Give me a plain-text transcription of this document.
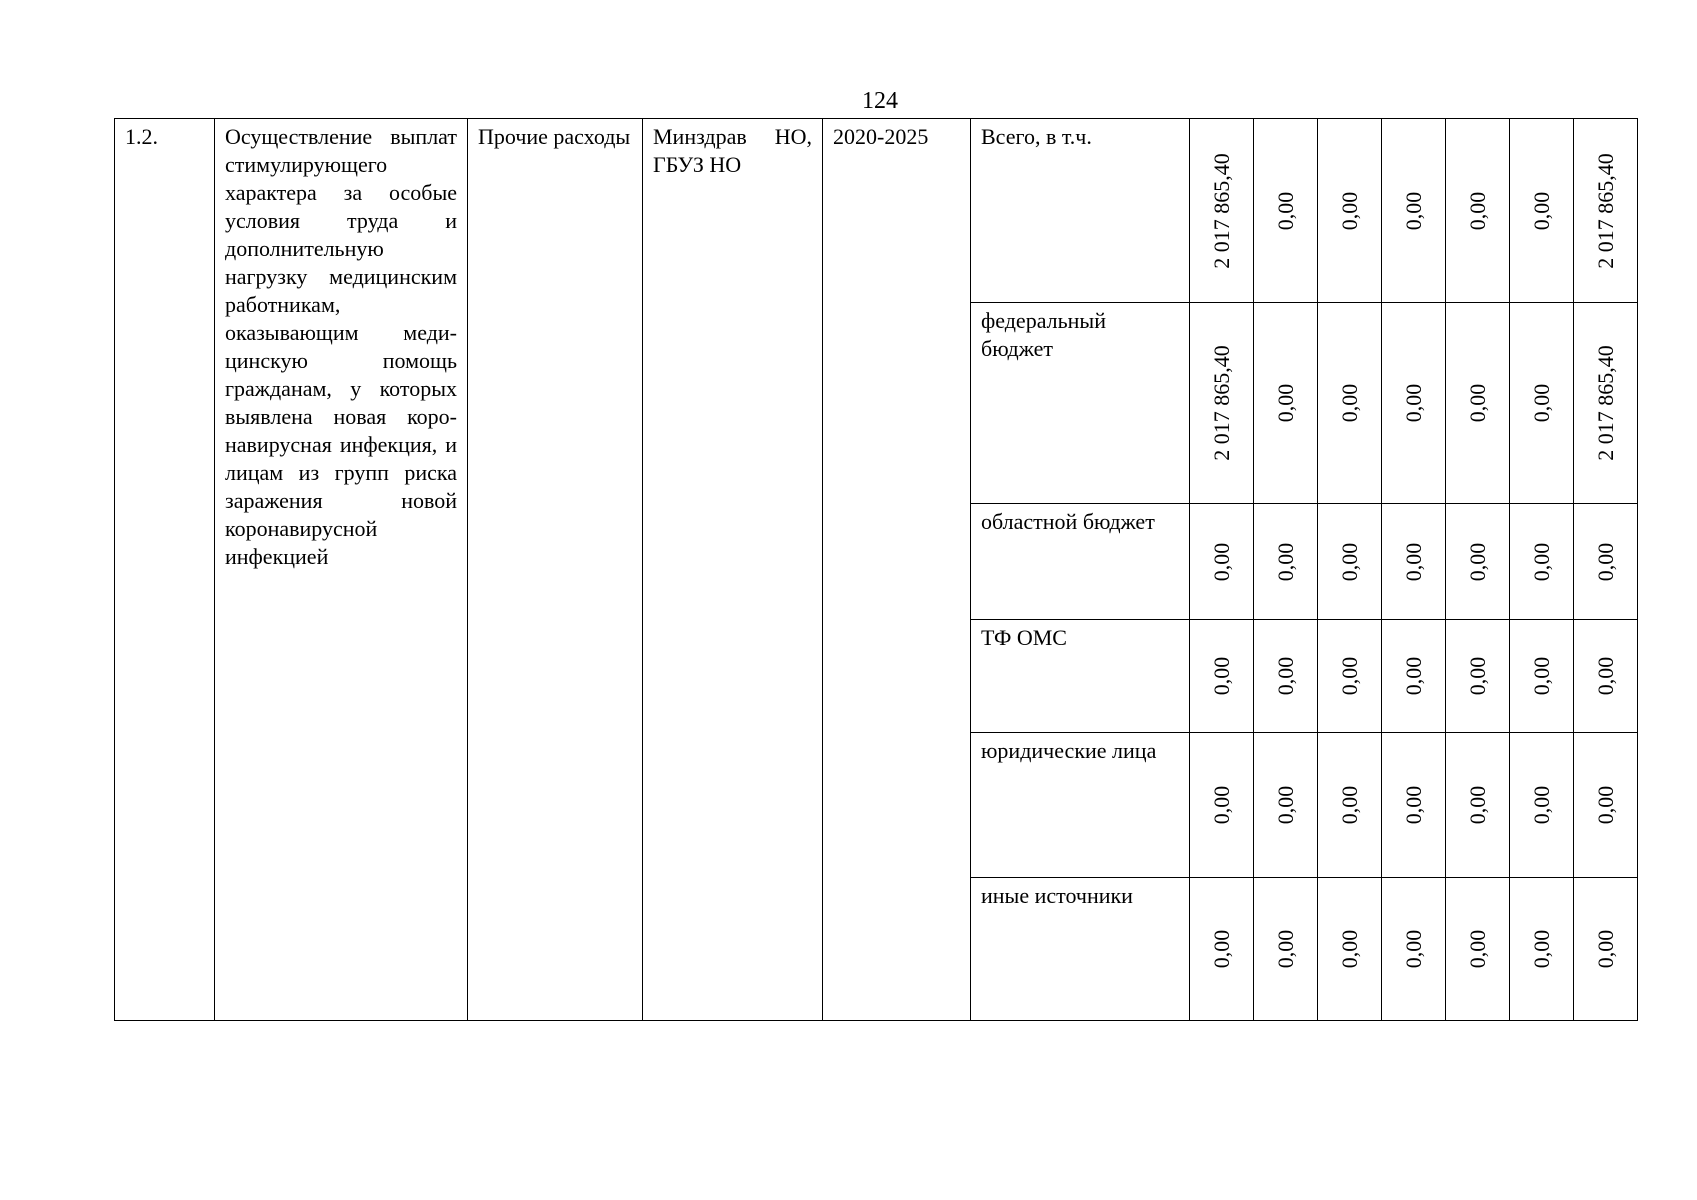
124
1.2.	Осуществление выплат стимулирующего характера за особые условия труда и дополнительную нагрузку медицинским работникам, оказывающим медицинскую помощь гражданам, у которых выявлена новая коронавирусная инфекция, и лицам из групп риска заражения новой коронавирусной инфекцией	Прочие расходы	Минздрав НО, ГБУЗ НО	2020-2025	Всего, в т.ч.	2 017 865,40	0,00	0,00	0,00	0,00	0,00	2 017 865,40

					федеральный бюджет	2 017 865,40	0,00	0,00	0,00	0,00	0,00	2 017 865,40

					областной бюджет	0,00	0,00	0,00	0,00	0,00	0,00	0,00

					ТФ ОМС	0,00	0,00	0,00	0,00	0,00	0,00	0,00

					юридические лица	0,00	0,00	0,00	0,00	0,00	0,00	0,00

					иные источники	0,00	0,00	0,00	0,00	0,00	0,00	0,00
